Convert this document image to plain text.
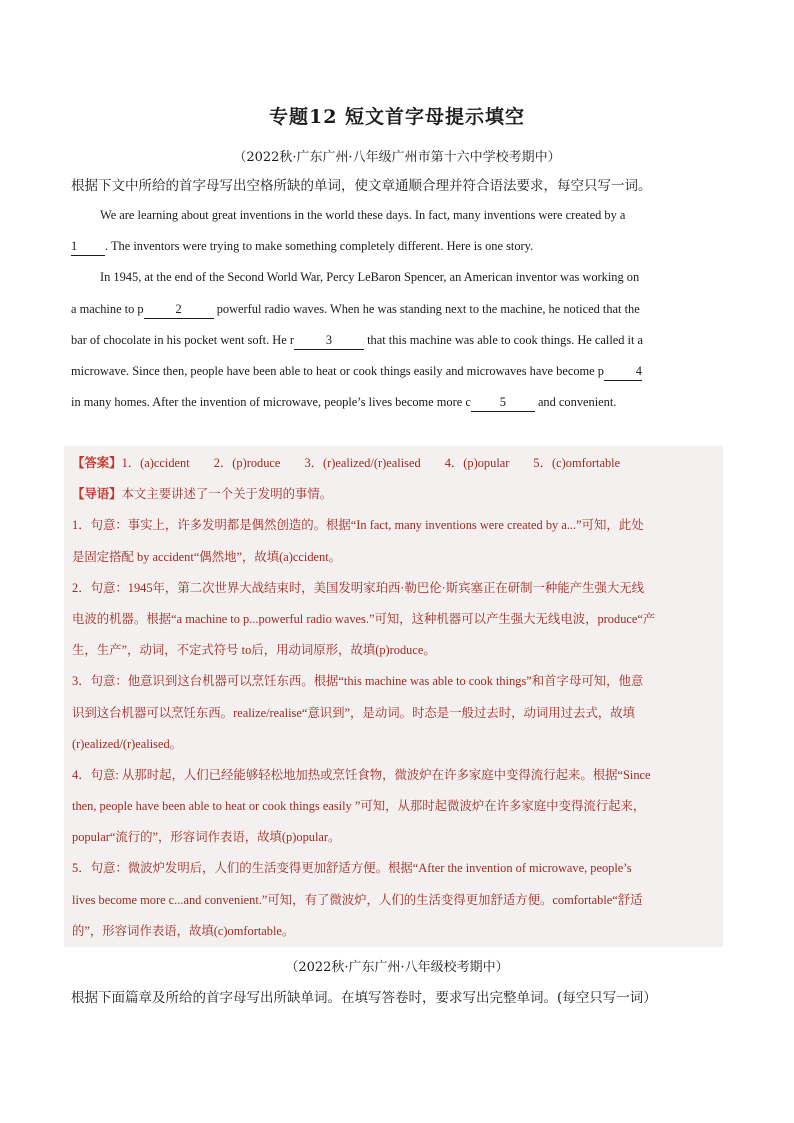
专题12 短文首字母提示填空
（2022秋·广东广州·八年级广州市第十六中学校考期中）
根据下文中所给的首字母写出空格所缺的单词，使文章通顺合理并符合语法要求，每空只写一词。

We are learning about great inventions in the world these days. In fact, many inventions were created by a
1 . The inventors were trying to make something completely different. Here is one story.

In 1945, at the end of the Second World War, Percy LeBaron Spencer, an American inventor was working on
a machine to p	2	powerful radio waves. When he was standing next to the machine, he noticed that the
bar of chocolate in his pocket went soft. He r	3	that this machine was able to cook things. He called it a
microwave. Since then, people have been able to heat or cook things easily and microwaves have become p	4
in many homes. After the invention of microwave, people’s lives become more c 5	and convenient.

【答案】1．(a)ccident 2．(p)roduce 3．(r)ealized/(r)ealised 4．(p)opular 5．(c)omfortable
【导语】本文主要讲述了一个关于发明的事情。
1．句意：事实上，许多发明都是偶然创造的。根据“In fact, many inventions were created by a...”可知，此处
是固定搭配 by accident“偶然地”，故填(a)ccident。
2．句意：1945年，第二次世界大战结束时，美国发明家珀西·勒巴伦·斯宾塞正在研制一种能产生强大无线
电波的机器。根据“a machine to p...powerful radio waves.”可知，这种机器可以产生强大无线电波，produce“产
生，生产”，动词，不定式符号 to后，用动词原形，故填(p)roduce。
3．句意：他意识到这台机器可以烹饪东西。根据“this machine was able to cook things”和首字母可知，他意
识到这台机器可以烹饪东西。realize/realise“意识到”，是动词。时态是一般过去时，动词用过去式，故填
(r)ealized/(r)ealised。
4．句意: 从那时起，人们已经能够轻松地加热或烹饪食物，微波炉在许多家庭中变得流行起来。根据“Since
then, people have been able to heat or cook things easily ”可知，从那时起微波炉在许多家庭中变得流行起来，
popular“流行的”，形容词作表语，故填(p)opular。
5．句意：微波炉发明后，人们的生活变得更加舒适方便。根据“After the invention of microwave, people’s
lives become more c...and convenient.”可知，有了微波炉，人们的生活变得更加舒适方便。comfortable“舒适
的”，形容词作表语，故填(c)omfortable。
（2022秋·广东广州·八年级校考期中）
根据下面篇章及所给的首字母写出所缺单词。在填写答卷时，要求写出完整单词。(每空只写一词）
